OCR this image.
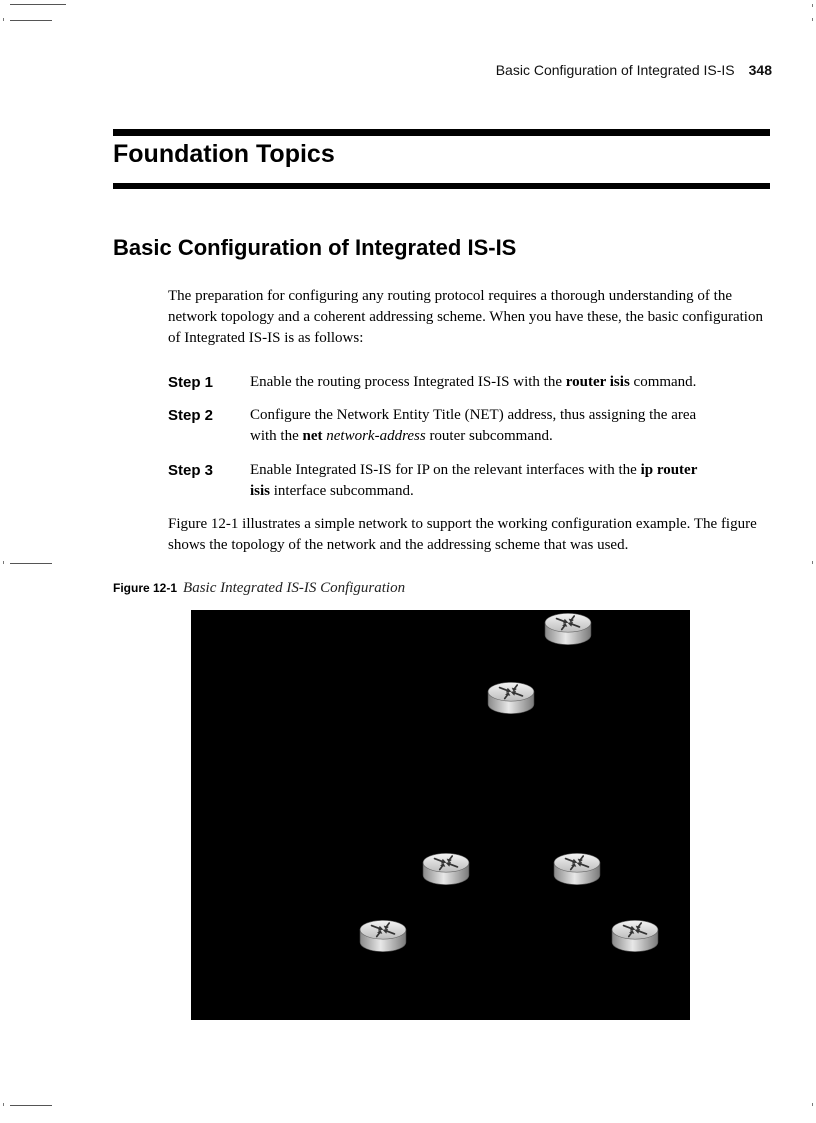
Basic Configuration of Integrated IS-IS 348
Foundation Topics
Basic Configuration of Integrated IS-IS

The preparation for configuring any routing protocol requires a thorough understanding of the network topology and a coherent addressing scheme. When you have these, the basic configuration of Integrated IS-IS is as follows:

Step 1 Enable the routing process Integrated IS-IS with the router isis command.
Step 2 Configure the Network Entity Title (NET) address, thus assigning the area with the net network-address router subcommand.
Step 3 Enable Integrated IS-IS for IP on the relevant interfaces with the ip router isis interface subcommand.

Figure 12-1 illustrates a simple network to support the working configuration example. The figure shows the topology of the network and the addressing scheme that was used.

Figure 12-1 Basic Integrated IS-IS Configuration
